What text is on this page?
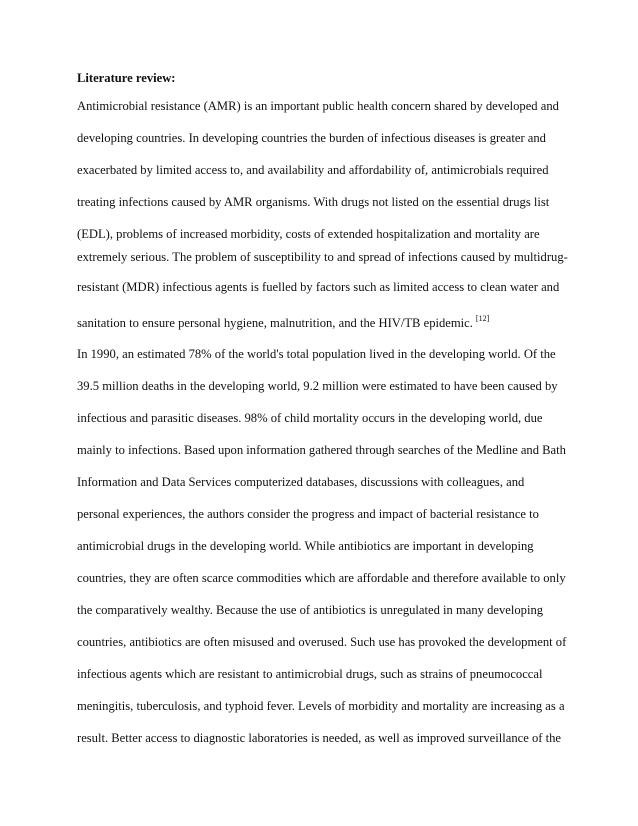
Literature review:
Antimicrobial resistance (AMR) is an important public health concern shared by developed and
developing countries. In developing countries the burden of infectious diseases is greater and
exacerbated by limited access to, and availability and affordability of, antimicrobials required
treating infections caused by AMR organisms. With drugs not listed on the essential drugs list
(EDL), problems of increased morbidity, costs of extended hospitalization and mortality are
extremely serious. The problem of susceptibility to and spread of infections caused by multidrug-
resistant (MDR) infectious agents is fuelled by factors such as limited access to clean water and
sanitation to ensure personal hygiene, malnutrition, and the HIV/TB epidemic. [12]
In 1990, an estimated 78% of the world's total population lived in the developing world. Of the
39.5 million deaths in the developing world, 9.2 million were estimated to have been caused by
infectious and parasitic diseases. 98% of child mortality occurs in the developing world, due
mainly to infections. Based upon information gathered through searches of the Medline and Bath
Information and Data Services computerized databases, discussions with colleagues, and
personal experiences, the authors consider the progress and impact of bacterial resistance to
antimicrobial drugs in the developing world. While antibiotics are important in developing
countries, they are often scarce commodities which are affordable and therefore available to only
the comparatively wealthy. Because the use of antibiotics is unregulated in many developing
countries, antibiotics are often misused and overused. Such use has provoked the development of
infectious agents which are resistant to antimicrobial drugs, such as strains of pneumococcal
meningitis, tuberculosis, and typhoid fever. Levels of morbidity and mortality are increasing as a
result. Better access to diagnostic laboratories is needed, as well as improved surveillance of the
